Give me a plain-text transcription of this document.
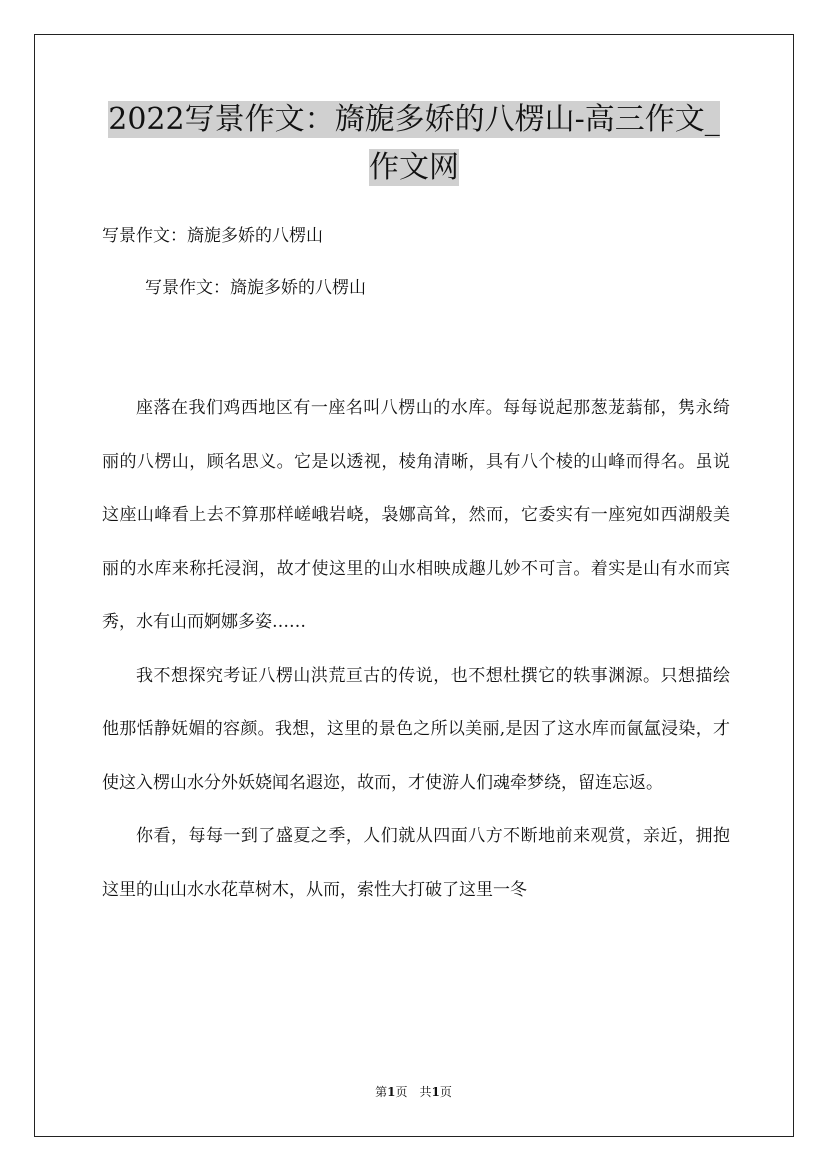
2022写景作文：旖旎多娇的八楞山-高三作文_
作文网
写景作文：旖旎多娇的八楞山
写景作文：旖旎多娇的八楞山

座落在我们鸡西地区有一座名叫八楞山的水库。每每说起那葱茏蓊郁，隽永绮丽的八楞山，顾名思义。它是以透视，棱角清晰，具有八个棱的山峰而得名。虽说这座山峰看上去不算那样嵯峨岩峣，袅娜高耸，然而，它委实有一座宛如西湖般美丽的水库来称托浸润，故才使这里的山水相映成趣儿妙不可言。着实是山有水而宾秀，水有山而婀娜多姿……

我不想探究考证八楞山洪荒亘古的传说，也不想杜撰它的轶事渊源。只想描绘他那恬静妩媚的容颜。我想，这里的景色之所以美丽,是因了这水库而氤氲浸染，才使这入楞山水分外妖娆闻名遐迩，故而，才使游人们魂牵梦绕，留连忘返。

你看，每每一到了盛夏之季，人们就从四面八方不断地前来观赏，亲近，拥抱这里的山山水水花草树木，从而，索性大打破了这里一冬

第1页　共1页
